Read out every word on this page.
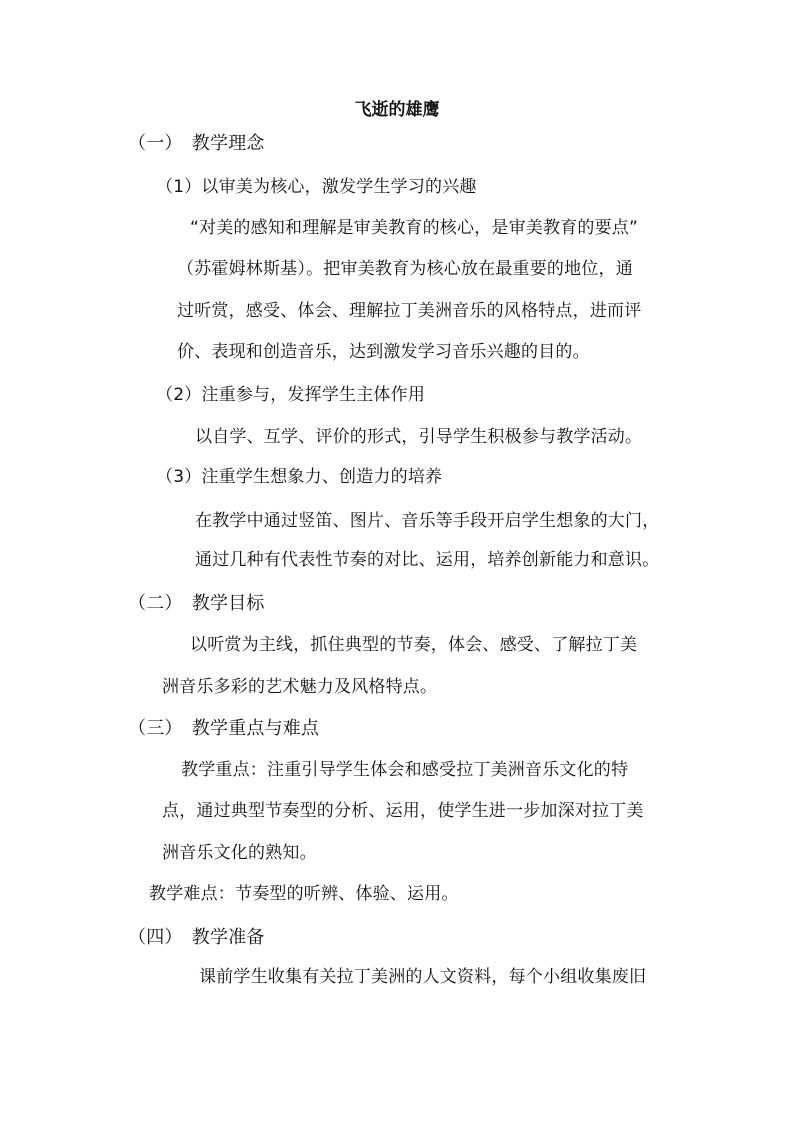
飞逝的雄鹰
（一）　教学理念
（1）以审美为核心，激发学生学习的兴趣
“对美的感知和理解是审美教育的核心，是审美教育的要点”
（苏霍姆林斯基）。把审美教育为核心放在最重要的地位，通
过听赏，感受、体会、理解拉丁美洲音乐的风格特点，进而评
价、表现和创造音乐，达到激发学习音乐兴趣的目的。
（2）注重参与，发挥学生主体作用
以自学、互学、评价的形式，引导学生积极参与教学活动。
（3）注重学生想象力、创造力的培养
在教学中通过竖笛、图片、音乐等手段开启学生想象的大门，
通过几种有代表性节奏的对比、运用，培养创新能力和意识。
（二）　教学目标
以听赏为主线，抓住典型的节奏，体会、感受、了解拉丁美
洲音乐多彩的艺术魅力及风格特点。
（三）　教学重点与难点
教学重点：注重引导学生体会和感受拉丁美洲音乐文化的特
点，通过典型节奏型的分析、运用，使学生进一步加深对拉丁美
洲音乐文化的熟知。
教学难点：节奏型的听辨、体验、运用。
（四）　教学准备
课前学生收集有关拉丁美洲的人文资料，每个小组收集废旧
